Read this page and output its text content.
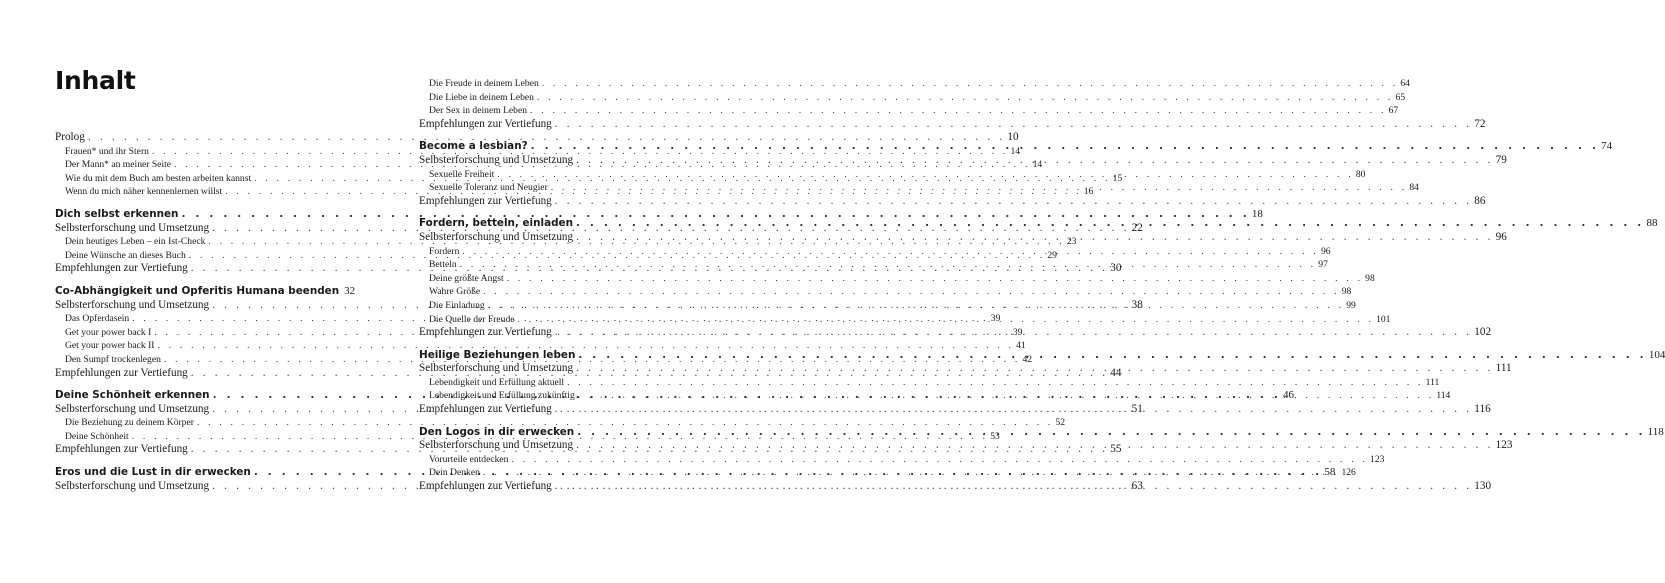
Inhalt
Prolog . . .	10
Frauen* und ihr Stern . . .	14
Der Mann* an meiner Seite . . .	14
Wie du mit dem Buch am besten arbeiten kannst . . .	15
Wenn du mich näher kennenlernen willst . . .	16
Dich selbst erkennen . . .	18
Selbsterforschung und Umsetzung . . .	22
Dein heutiges Leben – ein Ist-Check . . .	23
Deine Wünsche an dieses Buch . . .	29
Empfehlungen zur Vertiefung . . .	30
Co-Abhängigkeit und Opferitis Humana beenden 32
Selbsterforschung und Umsetzung . . .	38
Das Opferdasein . . .	39
Get your power back I . . .	39
Get your power back II . . .	41
Den Sumpf trockenlegen . . .	42
Empfehlungen zur Vertiefung . . .	44
Deine Schönheit erkennen . . .	46
Selbsterforschung und Umsetzung . . .	51
Die Beziehung zu deinem Körper . . .	52
Deine Schönheit . . .	53
Empfehlungen zur Vertiefung . . .	55
Eros und die Lust in dir erwecken . . .	58
Selbsterforschung und Umsetzung . . .	63
Die Freude in deinem Leben . . .	64
Die Liebe in deinem Leben . . .	65
Der Sex in deinem Leben . . .	67
Empfehlungen zur Vertiefung . . .	72
Become a lesbian? . . .	74
Selbsterforschung und Umsetzung . . .	79
Sexuelle Freiheit . . .	80
Sexuelle Toleranz und Neugier . . .	84
Empfehlungen zur Vertiefung . . .	86
Fordern, betteln, einladen . . .	88
Selbsterforschung und Umsetzung . . .	96
Fordern . . .	96
Betteln . . .	97
Deine größte Angst . . .	98
Wahre Größe . . .	98
Die Einladung . . .	99
Die Quelle der Freude . . .	101
Empfehlungen zur Vertiefung . . .	102
Heilige Beziehungen leben . . .	104
Selbsterforschung und Umsetzung . . .	111
Lebendigkeit und Erfüllung aktuell . . .	111
Lebendigkeit und Erfüllung zukünftig . . .	114
Empfehlungen zur Vertiefung . . .	116
Den Logos in dir erwecken . . .	118
Selbsterforschung und Umsetzung . . .	123
Vorurteile entdecken . . .	123
Dein Denken . . .	126
Empfehlungen zur Vertiefung . . .	130
